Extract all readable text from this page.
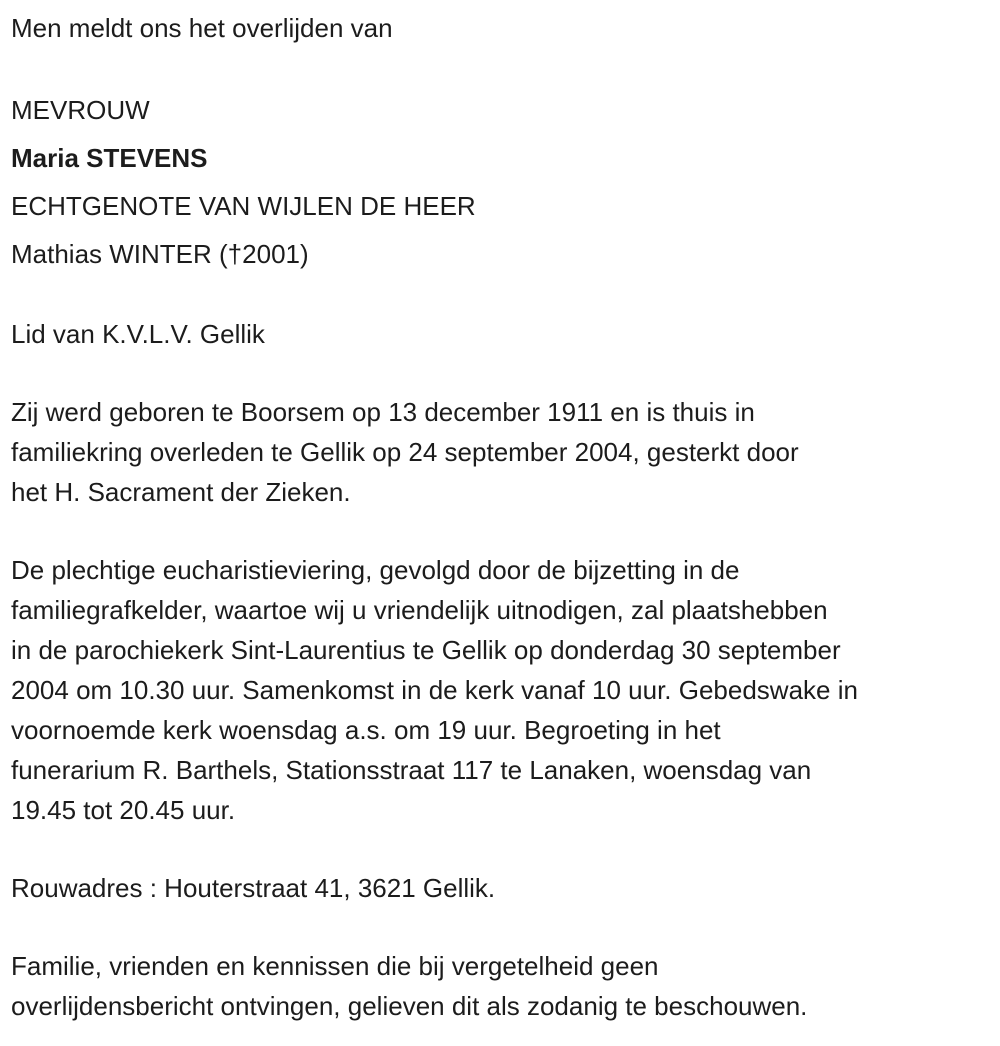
Men meldt ons het overlijden van

MEVROUW

Maria STEVENS

ECHTGENOTE VAN WIJLEN DE HEER

Mathias WINTER (†2001)

Lid van K.V.L.V. Gellik

Zij werd geboren te Boorsem op 13 december 1911 en is thuis in
familiekring overleden te Gellik op 24 september 2004, gesterkt door
het H. Sacrament der Zieken.
De plechtige eucharistieviering, gevolgd door de bijzetting in de
familiegrafkelder, waartoe wij u vriendelijk uitnodigen, zal plaatshebben
in de parochiekerk Sint-Laurentius te Gellik op donderdag 30 september
2004 om 10.30 uur. Samenkomst in de kerk vanaf 10 uur. Gebedswake in
voornoemde kerk woensdag a.s. om 19 uur. Begroeting in het
funerarium R. Barthels, Stationsstraat 117 te Lanaken, woensdag van
19.45 tot 20.45 uur.

Rouwadres : Houterstraat 41, 3621 Gellik.

Familie, vrienden en kennissen die bij vergetelheid geen
overlijdensbericht ontvingen, gelieven dit als zodanig te beschouwen.
